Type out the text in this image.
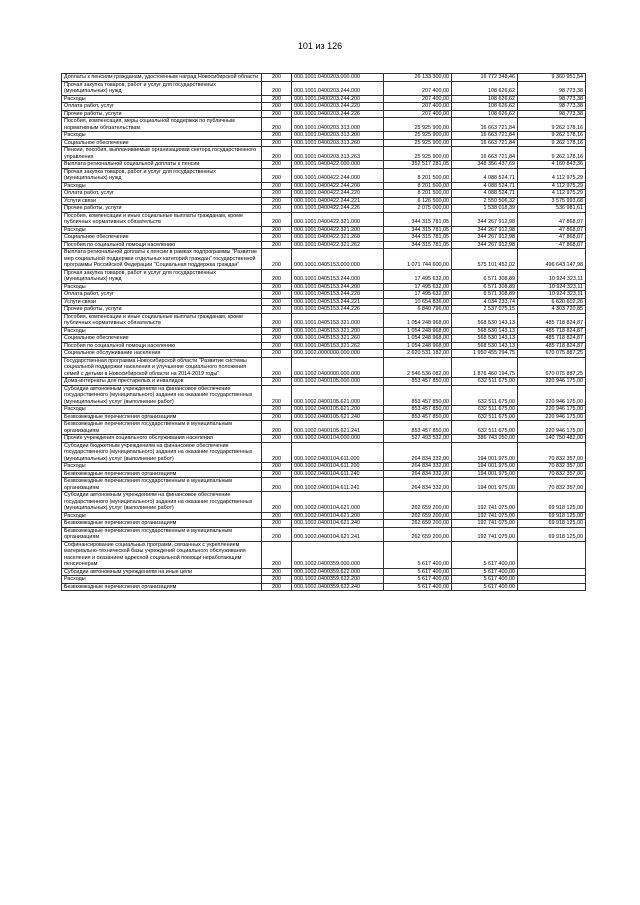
101 из 126
Доплаты к пенсиям гражданам, удостоенным наград Новосибирской области	200	000.1001.0400203.000.000	26 133 300,00	16 772 348,46	9 360 951,54
Прочая закупка товаров, работ и услуг для государственных (муниципальных) нужд	200	000.1001.0400203.244.000	207 400,00	108 626,62	98 773,38
Расходы	200	000.1001.0400203.244.200	207 400,00	108 626,62	98 773,38
Оплата работ, услуг	200	000.1001.0400203.244.220	207 400,00	108 626,62	98 773,38
Прочие работы, услуги	200	000.1001.0400203.244.226	207 400,00	108 626,62	98 773,38
Пособия, компенсация, меры социальной поддержки по публичным нормативным обязательствам	200	000.1001.0400203.313.000	25 925 900,00	16 663 721,84	9 262 178,16
Расходы	200	000.1001.0400203.313.200	25 925 900,00	16 663 721,84	9 262 178,16
Социальное обеспечение	200	000.1001.0400203.313.260	25 925 900,00	16 663 721,84	9 262 178,16
Пенсии, пособия, выплачиваемые организациями сектора государственного управления	200	000.1001.0400203.313.263	25 925 900,00	16 663 721,84	9 262 178,16
Выплата региональной социальной доплаты к пенсии	200	000.1001.0400422.000.000	352 517 281,05	348 356 437,69	4 160 843,36
Прочая закупка товаров, работ и услуг для государственных (муниципальных) нужд	200	000.1001.0400422.244.000	8 201 500,00	4 088 524,71	4 112 975,29
Расходы	200	000.1001.0400422.244.200	8 201 500,00	4 088 524,71	4 112 975,29
Оплата работ, услуг	200	000.1001.0400422.244.220	8 201 500,00	4 088 524,71	4 112 975,29
Услуги связи	200	000.1001.0400422.244.221	6 126 500,00	2 550 506,32	3 575 993,68
Прочие работы, услуги	200	000.1001.0400422.244.226	2 075 000,00	1 538 018,39	536 981,61
Пособия, компенсации и иные социальные выплаты гражданам, кроме публичных нормативных обязательств	200	000.1001.0400422.321.000	344 315 781,05	344 267 912,98	47 868,07
Расходы	200	000.1001.0400422.321.200	344 315 781,05	344 267 912,98	47 868,07
Социальное обеспечение	200	000.1001.0400422.321.260	344 315 781,05	344 267 912,98	47 868,07
Пособия по социальной помощи населению	200	000.1001.0400422.321.262	344 315 781,05	344 267 912,98	47 868,07
Выплата региональной доплаты к пенсии в рамках подпрограммы "Развитие мер социальной поддержки отдельных категорий граждан" государственной программы Российской Федерации "Социальная поддержка граждан"	200	000.1001.0405153.000.000	1 071 744 600,00	575 101 452,02	496 643 147,98
Прочая закупка товаров, работ и услуг для государственных (муниципальных) нужд	200	000.1001.0405153.244.000	17 495 632,00	6 571 308,89	10 924 323,11
Расходы	200	000.1001.0405153.244.200	17 495 632,00	6 571 308,89	10 924 323,11
Оплата работ, услуг	200	000.1001.0405153.244.220	17 495 632,00	6 571 308,89	10 924 323,11
Услуги связи	200	000.1001.0405153.244.221	10 654 836,00	4 034 233,74	6 620 602,26
Прочие работы, услуги	200	000.1001.0405153.244.226	6 840 796,00	2 537 075,15	4 303 720,85
Пособия, компенсации и иные социальные выплаты гражданам, кроме публичных нормативных обязательств	200	000.1001.0405153.321.000	1 054 248 968,00	568 530 143,13	485 718 824,87
Расходы	200	000.1001.0405153.321.200	1 054 248 968,00	568 530 143,13	485 718 824,87
Социальное обеспечение	200	000.1001.0405153.321.260	1 054 248 968,00	568 530 143,13	485 718 824,87
Пособия по социальной помощи населению	200	000.1001.0405153.321.262	1 054 248 968,00	568 530 143,13	485 718 824,87
Социальное обслуживание населения	200	000.1002.0000000.000.000	2 620 531 182,00	1 950 455 294,75	670 075 887,25
Государственная программа Новосибирской области "Развитие системы социальной поддержки населения и улучшение социального положения семей с детьми в Новосибирской области на 2014-2019 годы"	200	000.1002.0400000.000.000	2 546 536 082,00	1 876 460 194,75	670 075 887,25
Дома-интернаты для престарелых и инвалидов	200	000.1002.0400105.000.000	853 457 850,00	632 511 675,00	220 946 175,00
Субсидии автономным учреждениям на финансовое обеспечение государственного (муниципального) задания на оказание государственных (муниципальных) услуг (выполнение работ)	200	000.1002.0400105.621.000	853 457 850,00	632 511 675,00	220 946 175,00
Расходы	200	000.1002.0400105.621.200	853 457 850,00	632 511 675,00	220 946 175,00
Безвозмездные перечисления организациям	200	000.1002.0400105.621.240	853 457 850,00	632 511 675,00	220 946 175,00
Безвозмездные перечисления государственным и муниципальным организациям	200	000.1002.0400105.621.241	853 457 850,00	632 511 675,00	220 946 175,00
Прочие учреждения социального обслуживания населения	200	000.1002.0400104.000.000	527 493 532,00	386 743 050,00	140 750 482,00
Субсидии бюджетным учреждениям на финансовое обеспечение государственного (муниципального) задания на оказание государственных (муниципальных) услуг (выполнение работ)	200	000.1002.0400104.611.000	264 834 332,00	194 001 975,00	70 832 357,00
Расходы	200	000.1002.0400104.611.200	264 834 332,00	194 001 975,00	70 832 357,00
Безвозмездные перечисления организациям	200	000.1002.0400104.611.240	264 834 332,00	194 001 975,00	70 832 357,00
Безвозмездные перечисления государственным и муниципальным организациям	200	000.1002.0400104.611.241	264 834 332,00	194 001 975,00	70 832 357,00
Субсидии автономным учреждениям на финансовое обеспечение государственного (муниципального) задания на оказание государственных (муниципальных) услуг (выполнение работ)	200	000.1002.0400104.621.000	262 659 200,00	192 741 075,00	69 918 125,00
Расходы	200	000.1002.0400104.621.200	262 659 200,00	192 741 075,00	69 918 125,00
Безвозмездные перечисления организациям	200	000.1002.0400104.621.240	262 659 200,00	192 741 075,00	69 918 125,00
Безвозмездные перечисления государственным и муниципальным организациям	200	000.1002.0400104.621.241	262 659 200,00	192 741 075,00	69 918 125,00
Софинансирование социальных программ, связанных с укреплением материально-технической базы учреждений социального обслуживания населения и оказанием адресной социальной помощи неработающим пенсионерам	200	000.1002.0400359.000.000	5 617 400,00	5 617 400,00	
Субсидии автономным учреждениям на иные цели	200	000.1002.0400359.622.000	5 617 400,00	5 617 400,00	
Расходы	200	000.1002.0400359.622.200	5 617 400,00	5 617 400,00	
Безвозмездные перечисления организациям	200	000.1002.0400359.622.240	5 617 400,00	5 617 400,00	
